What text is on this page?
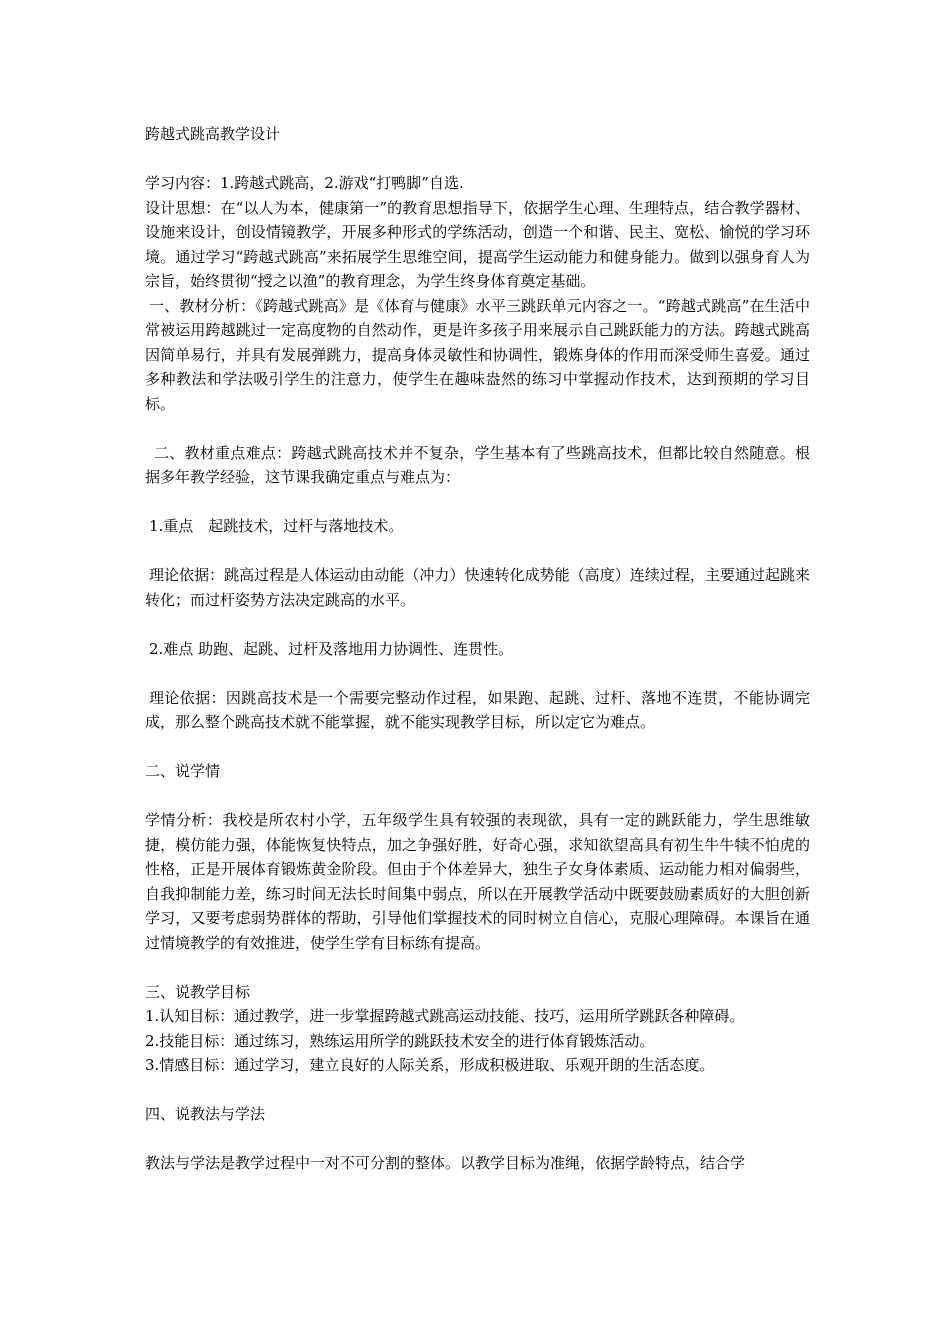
跨越式跳高教学设计

学习内容：1.跨越式跳高，2.游戏“打鸭脚”自选.

设计思想：在“以人为本，健康第一”的教育思想指导下，依据学生心理、生理特点，结合教学器材、设施来设计，创设情镜教学，开展多种形式的学练活动，创造一个和谐、民主、宽松、愉悦的学习环境。通过学习“跨越式跳高”来拓展学生思维空间，提高学生运动能力和健身能力。做到以强身育人为宗旨，始终贯彻“授之以渔”的教育理念，为学生终身体育奠定基础。

一、教材分析：《跨越式跳高》是《体育与健康》水平三跳跃单元内容之一。“跨越式跳高”在生活中常被运用跨越跳过一定高度物的自然动作，更是许多孩子用来展示自己跳跃能力的方法。跨越式跳高因简单易行，并具有发展弹跳力，提高身体灵敏性和协调性，锻炼身体的作用而深受师生喜爱。通过多种教法和学法吸引学生的注意力，使学生在趣味盎然的练习中掌握动作技术，达到预期的学习目标。

二、教材重点难点：跨越式跳高技术并不复杂，学生基本有了些跳高技术，但都比较自然随意。根据多年教学经验，这节课我确定重点与难点为：

1.重点　起跳技术，过杆与落地技术。

理论依据：跳高过程是人体运动由动能（冲力）快速转化成势能（高度）连续过程，主要通过起跳来转化；而过杆姿势方法决定跳高的水平。

2.难点 助跑、起跳、过杆及落地用力协调性、连贯性。

理论依据：因跳高技术是一个需要完整动作过程，如果跑、起跳、过杆、落地不连贯，不能协调完成，那么整个跳高技术就不能掌握，就不能实现教学目标，所以定它为难点。

二、说学情

学情分析：我校是所农村小学，五年级学生具有较强的表现欲，具有一定的跳跃能力，学生思维敏捷，模仿能力强，体能恢复快特点，加之争强好胜，好奇心强，求知欲望高具有初生牛牛犊不怕虎的性格，正是开展体育锻炼黄金阶段。但由于个体差异大，独生子女身体素质、运动能力相对偏弱些，自我抑制能力差，练习时间无法长时间集中弱点，所以在开展教学活动中既要鼓励素质好的大胆创新学习，又要考虑弱势群体的帮助，引导他们掌握技术的同时树立自信心，克服心理障碍。本课旨在通过情境教学的有效推进，使学生学有目标练有提高。

三、说教学目标

1.认知目标：通过教学，进一步掌握跨越式跳高运动技能、技巧，运用所学跳跃各种障碍。

2.技能目标：通过练习，熟练运用所学的跳跃技术安全的进行体育锻炼活动。

3.情感目标：通过学习，建立良好的人际关系，形成积极进取、乐观开朗的生活态度。

四、说教法与学法

教法与学法是教学过程中一对不可分割的整体。以教学目标为准绳，依据学龄特点，结合学
